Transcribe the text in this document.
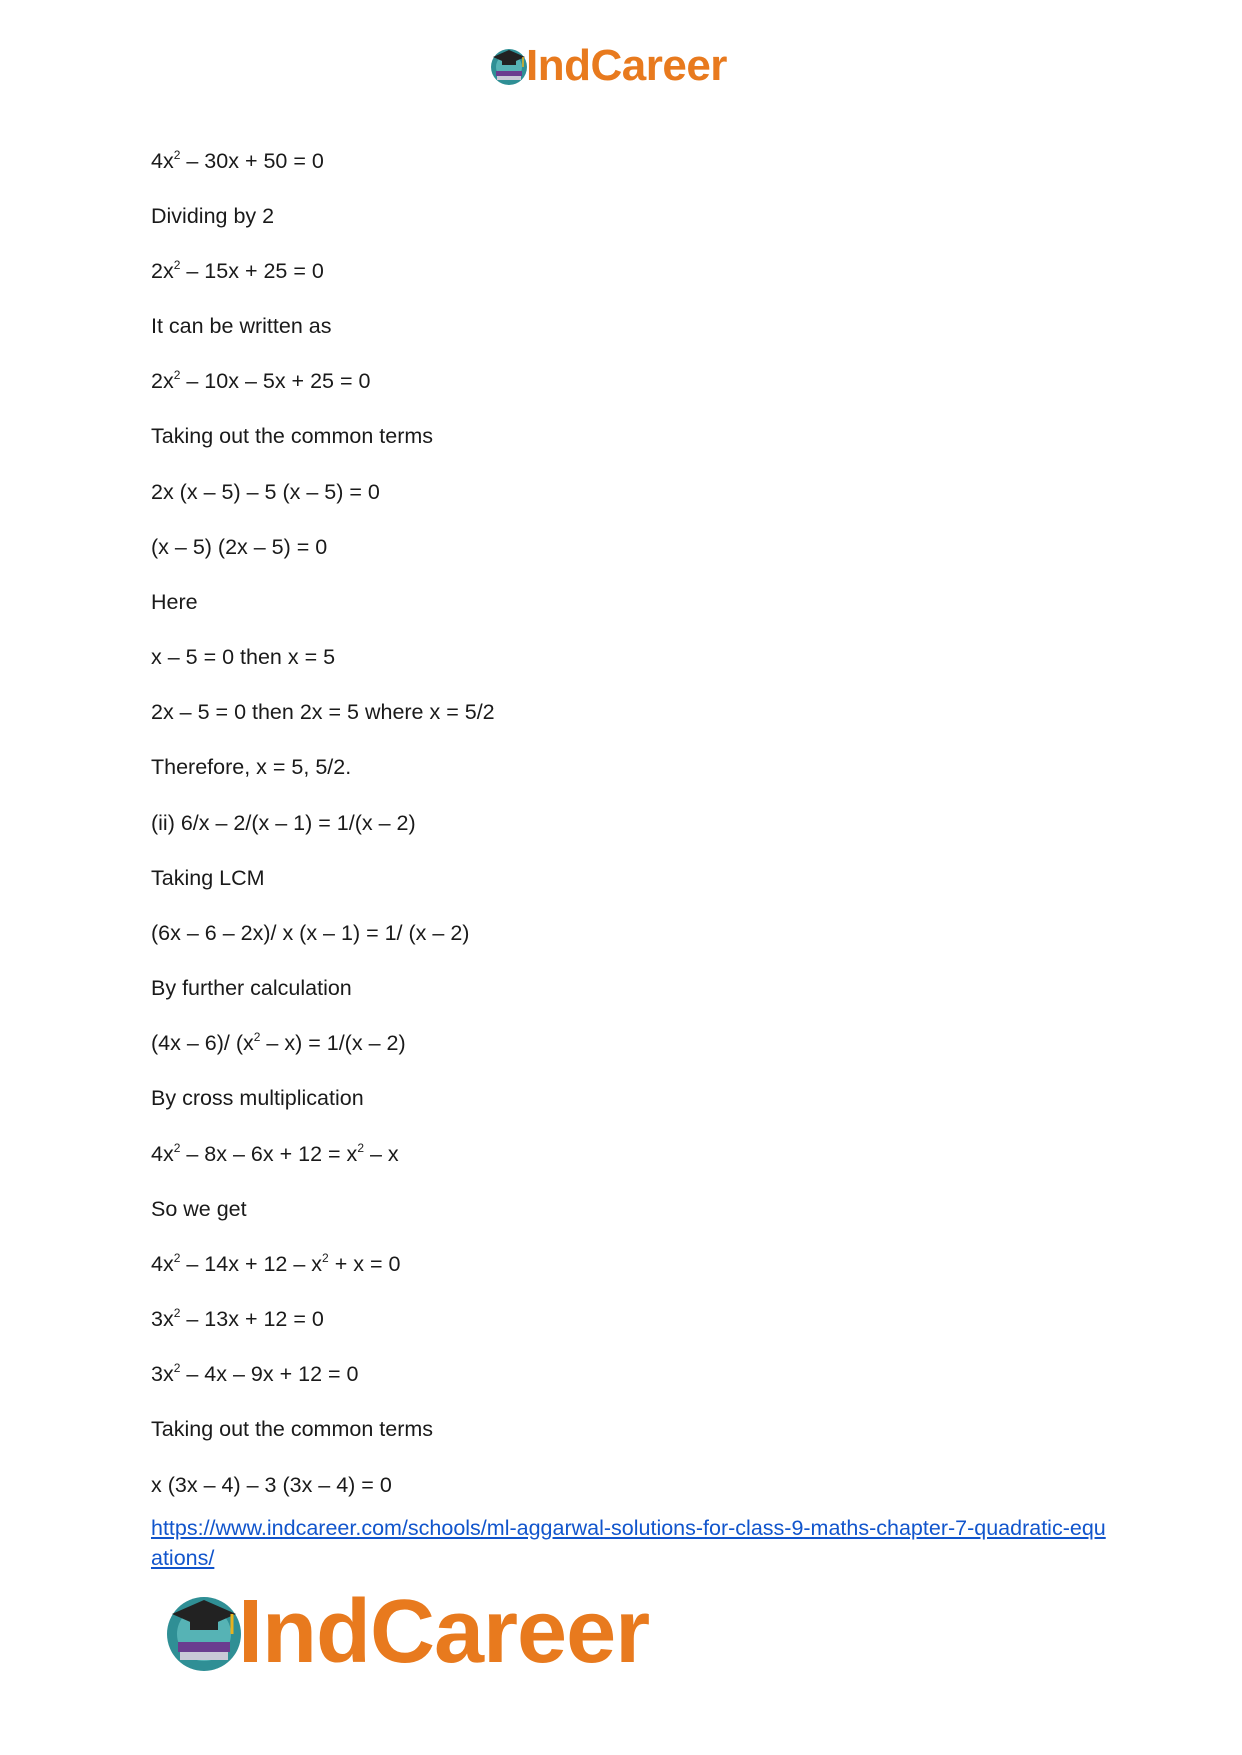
IndCareer
$4x^2 - 30x + 50 = 0$
Dividing by 2
$2x^2 - 15x + 25 = 0$
It can be written as
$2x^2 - 10x - 5x + 25 = 0$
Taking out the common terms
2x (x – 5) – 5 (x – 5) = 0
(x – 5) (2x – 5) = 0
Here
x – 5 = 0 then x = 5
2x – 5 = 0 then 2x = 5 where x = 5/2
Therefore, x = 5, 5/2.
(ii) 6/x – 2/(x – 1) = 1/(x – 2)
Taking LCM
(6x – 6 – 2x)/ x (x – 1) = 1/ (x – 2)
By further calculation
(4x – 6)/ $(x^2 - x) = 1/(x - 2)$
By cross multiplication
$4x^2 - 8x - 6x + 12 = x^2 - x$
So we get
$4x^2 - 14x + 12 - x^2 + x = 0$
$3x^2 - 13x + 12 = 0$
$3x^2 - 4x - 9x + 12 = 0$
Taking out the common terms
x (3x – 4) – 3 (3x – 4) = 0
https://www.indcareer.com/schools/ml-aggarwal-solutions-for-class-9-maths-chapter-7-quadratic-equations/
IndCareer
